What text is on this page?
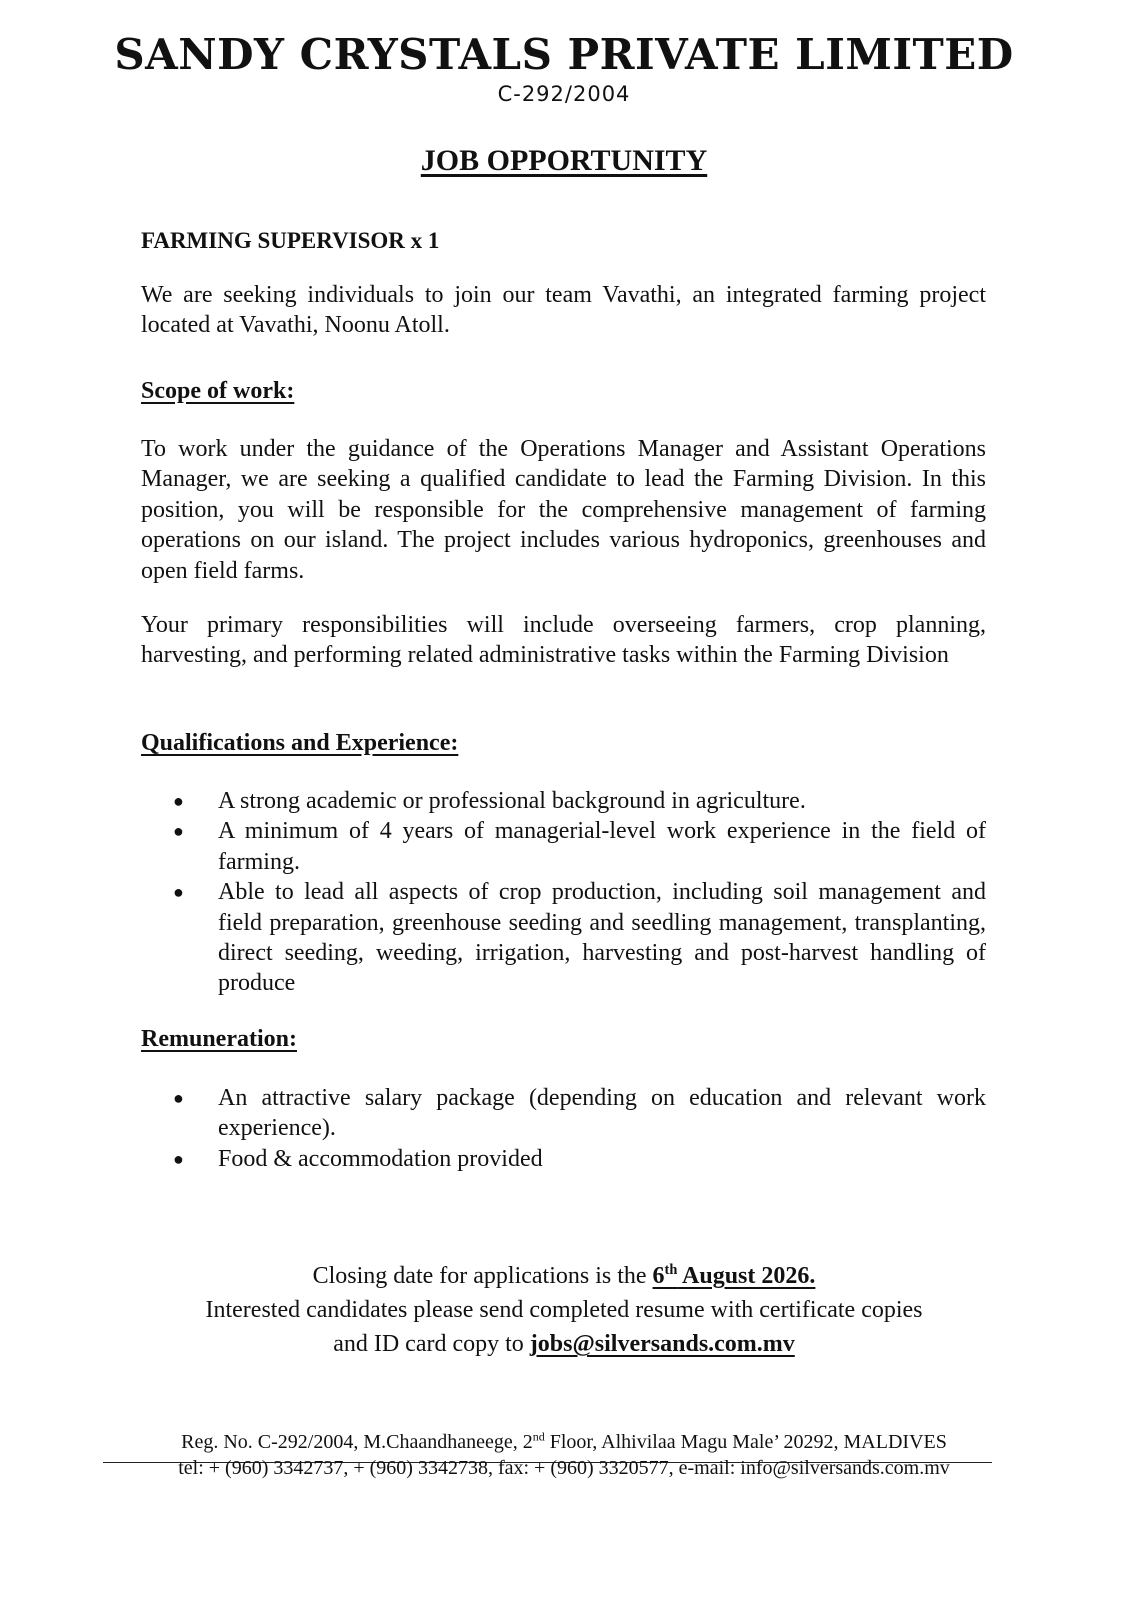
SANDY CRYSTALS PRIVATE LIMITED
C-292/2004
JOB OPPORTUNITY
FARMING SUPERVISOR x 1

We are seeking individuals to join our team Vavathi, an integrated farming project located at Vavathi, Noonu Atoll.

Scope of work:

To work under the guidance of the Operations Manager and Assistant Operations Manager, we are seeking a qualified candidate to lead the Farming Division. In this position, you will be responsible for the comprehensive management of farming operations on our island. The project includes various hydroponics, greenhouses and open field farms.

Your primary responsibilities will include overseeing farmers, crop planning, harvesting, and performing related administrative tasks within the Farming Division

Qualifications and Experience:
● A strong academic or professional background in agriculture.
● A minimum of 4 years of managerial-level work experience in the field of farming.
● Able to lead all aspects of crop production, including soil management and field preparation, greenhouse seeding and seedling management, transplanting, direct seeding, weeding, irrigation, harvesting and post-harvest handling of produce
Remuneration:
● An attractive salary package (depending on education and relevant work experience).
● Food & accommodation provided
Closing date for applications is the 6th August 2026.
Interested candidates please send completed resume with certificate copies
and ID card copy to jobs@silversands.com.mv
Reg. No. C-292/2004, M.Chaandhaneege, 2nd Floor, Alhivilaa Magu Male’ 20292, MALDIVES
tel: + (960) 3342737, + (960) 3342738, fax: + (960) 3320577, e-mail: info@silversands.com.mv
